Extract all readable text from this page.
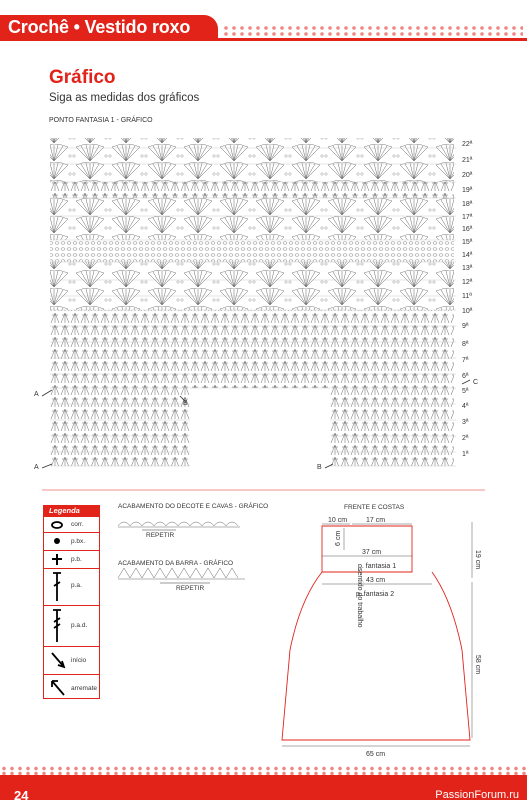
Crochê • Vestido roxo
Gráfico
Siga as medidas dos gráficos
PONTO FANTASIA 1 - GRÁFICO
A
A
B
B
C
22ª
21ª
20ª
19ª
18ª
17ª
16ª
15ª
14ª
13ª
12ª
11ª
10ª
9ª
8ª
7ª
6ª
5ª
4ª
3ª
2ª
1ª
10 cm	17 cm
6 cm
sentido do trabalho
37 cm
p. fantasia 1
43 cm
p. fantasia 2
19 cm
58 cm
65 cm
ACABAMENTO DO DECOTE E CAVAS - GRÁFICO
REPETIR
ACABAMENTO DA BARRA - GRÁFICO
REPETIR
FRENTE E COSTAS
Legenda
corr.
p.bx.
p.b.
p.a.
p.a.d.
início
arremate
24	PassionForum.ru
